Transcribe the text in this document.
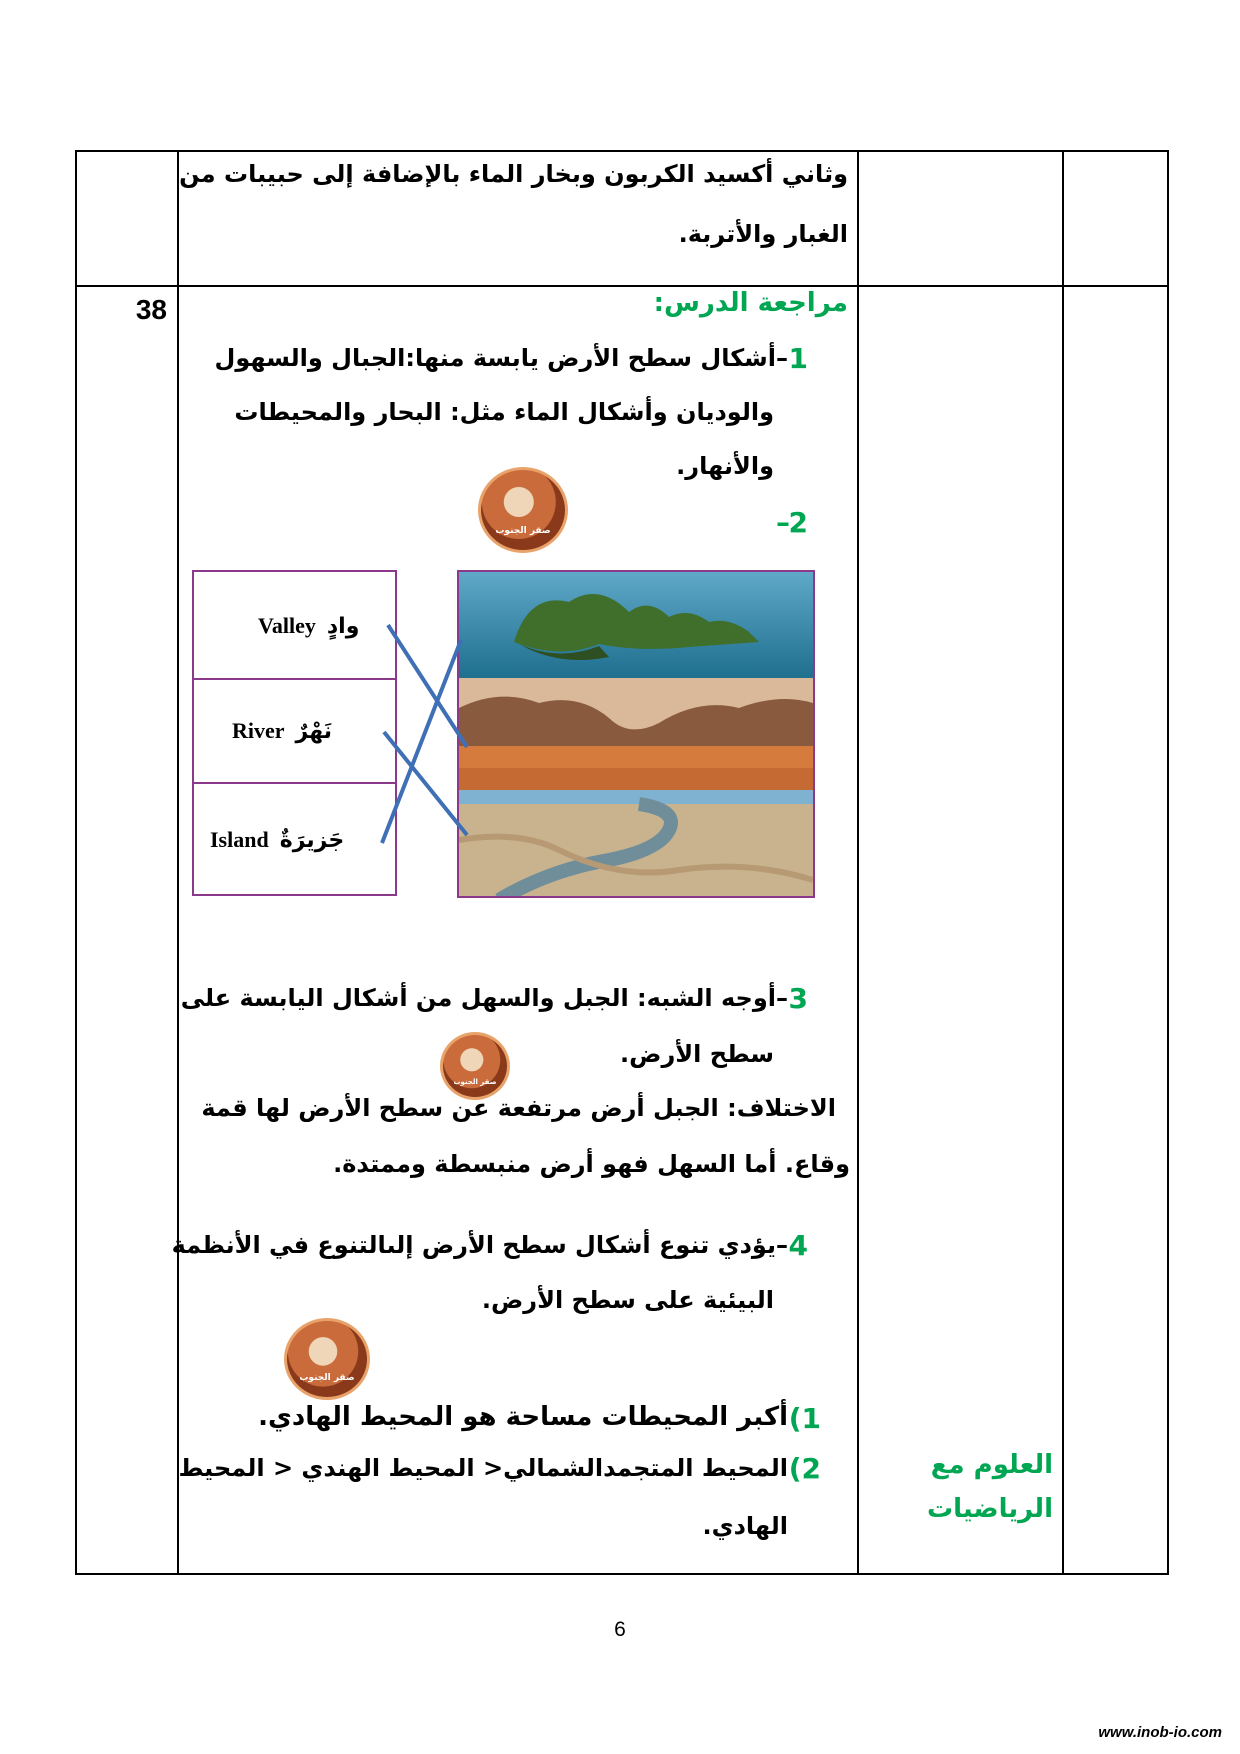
وثاني أكسيد الكربون وبخار الماء بالإضافة إلى حبيبات من
الغبار والأتربة.
38	مراجعة الدرس:
1
–أشكال سطح الأرض يابسة منها:الجبال والسهول
والوديان وأشكال الماء مثل: البحار والمحيطات
والأنهار.
صقر الجنوب	2
–
Valley وادٍ
River نَهْرٌ
Island جَزيرَةٌ
3
–أوجه الشبه: الجبل والسهل من أشكال اليابسة على
سطح الأرض.
صقر الجنوب
الاختلاف: الجبل أرض مرتفعة عن سطح الأرض لها قمة
وقاع. أما السهل فهو أرض منبسطة وممتدة.
4
–يؤدي تنوع أشكال سطح الأرض إلىالتنوع في الأنظمة
البيئية على سطح الأرض.
صقر الجنوب
1)
أكبر المحيطات مساحة هو المحيط الهادي.
2)
المحيط المتجمدالشمالي< المحيط الهندي < المحيط
الهادي.
العلوم مع
الرياضيات
6
www.inob-io.com
